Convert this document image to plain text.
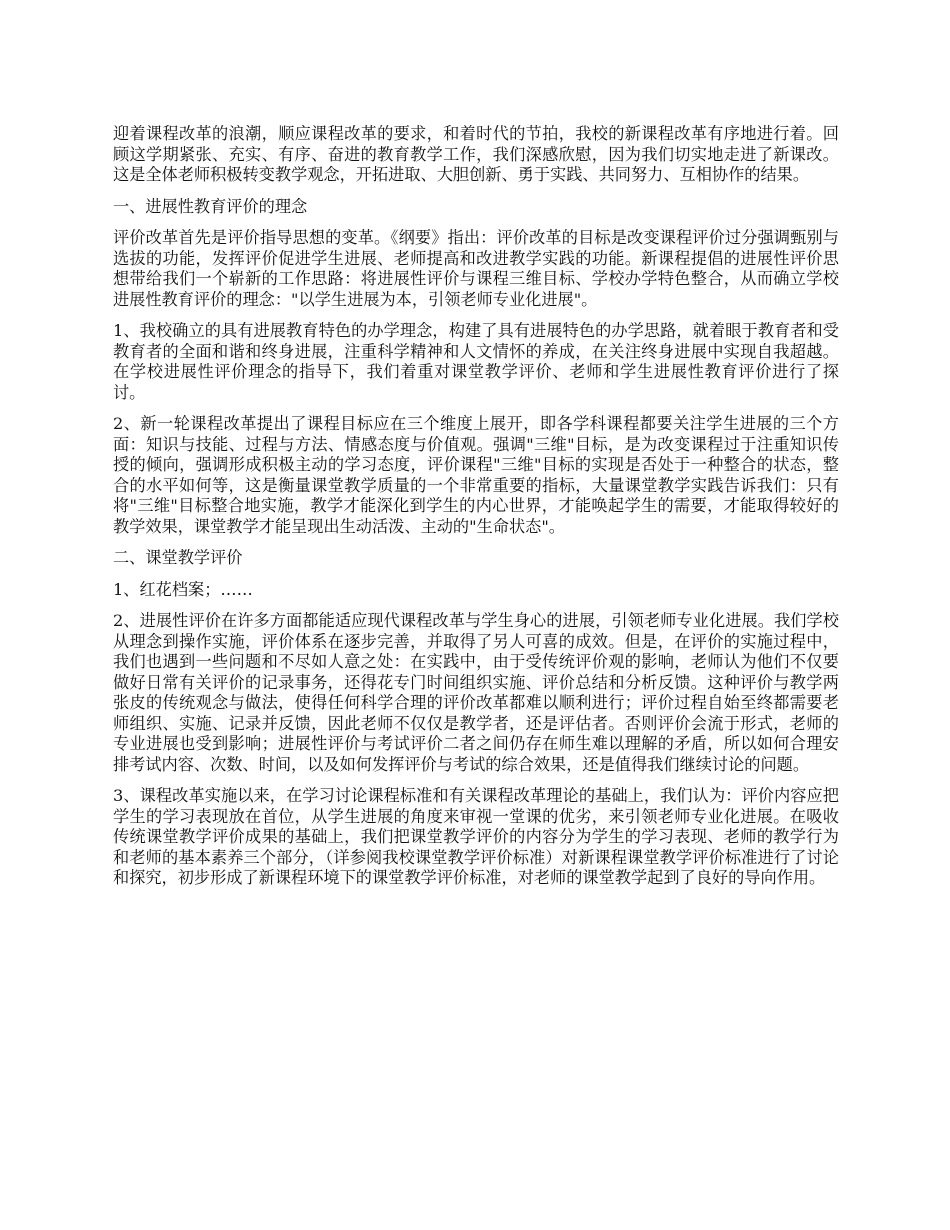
迎着课程改革的浪潮，顺应课程改革的要求，和着时代的节拍，我校的新课程改革有序地进行着。回顾这学期紧张、充实、有序、奋进的教育教学工作，我们深感欣慰，因为我们切实地走进了新课改。这是全体老师积极转变教学观念，开拓进取、大胆创新、勇于实践、共同努力、互相协作的结果。

一、进展性教育评价的理念

评价改革首先是评价指导思想的变革。《纲要》指出：评价改革的目标是改变课程评价过分强调甄别与选拔的功能，发挥评价促进学生进展、老师提高和改进教学实践的功能。新课程提倡的进展性评价思想带给我们一个崭新的工作思路：将进展性评价与课程三维目标、学校办学特色整合，从而确立学校进展性教育评价的理念："以学生进展为本，引领老师专业化进展"。

1、我校确立的具有进展教育特色的办学理念，构建了具有进展特色的办学思路，就着眼于教育者和受教育者的全面和谐和终身进展，注重科学精神和人文情怀的养成，在关注终身进展中实现自我超越。在学校进展性评价理念的指导下，我们着重对课堂教学评价、老师和学生进展性教育评价进行了探讨。

2、新一轮课程改革提出了课程目标应在三个维度上展开，即各学科课程都要关注学生进展的三个方面：知识与技能、过程与方法、情感态度与价值观。强调"三维"目标，是为改变课程过于注重知识传授的倾向，强调形成积极主动的学习态度，评价课程"三维"目标的实现是否处于一种整合的状态，整合的水平如何等，这是衡量课堂教学质量的一个非常重要的指标，大量课堂教学实践告诉我们：只有将"三维"目标整合地实施，教学才能深化到学生的内心世界，才能唤起学生的需要，才能取得较好的教学效果，课堂教学才能呈现出生动活泼、主动的"生命状态"。

二、课堂教学评价

1、红花档案；……

2、进展性评价在许多方面都能适应现代课程改革与学生身心的进展，引领老师专业化进展。我们学校从理念到操作实施，评价体系在逐步完善，并取得了另人可喜的成效。但是，在评价的实施过程中，我们也遇到一些问题和不尽如人意之处：在实践中，由于受传统评价观的影响，老师认为他们不仅要做好日常有关评价的记录事务，还得花专门时间组织实施、评价总结和分析反馈。这种评价与教学两张皮的传统观念与做法，使得任何科学合理的评价改革都难以顺利进行；评价过程自始至终都需要老师组织、实施、记录并反馈，因此老师不仅仅是教学者，还是评估者。否则评价会流于形式，老师的专业进展也受到影响；进展性评价与考试评价二者之间仍存在师生难以理解的矛盾，所以如何合理安排考试内容、次数、时间，以及如何发挥评价与考试的综合效果，还是值得我们继续讨论的问题。

3、课程改革实施以来，在学习讨论课程标准和有关课程改革理论的基础上，我们认为：评价内容应把学生的学习表现放在首位，从学生进展的角度来审视一堂课的优劣，来引领老师专业化进展。在吸收传统课堂教学评价成果的基础上，我们把课堂教学评价的内容分为学生的学习表现、老师的教学行为和老师的基本素养三个部分，（详参阅我校课堂教学评价标准）对新课程课堂教学评价标准进行了讨论和探究，初步形成了新课程环境下的课堂教学评价标准，对老师的课堂教学起到了良好的导向作用。
